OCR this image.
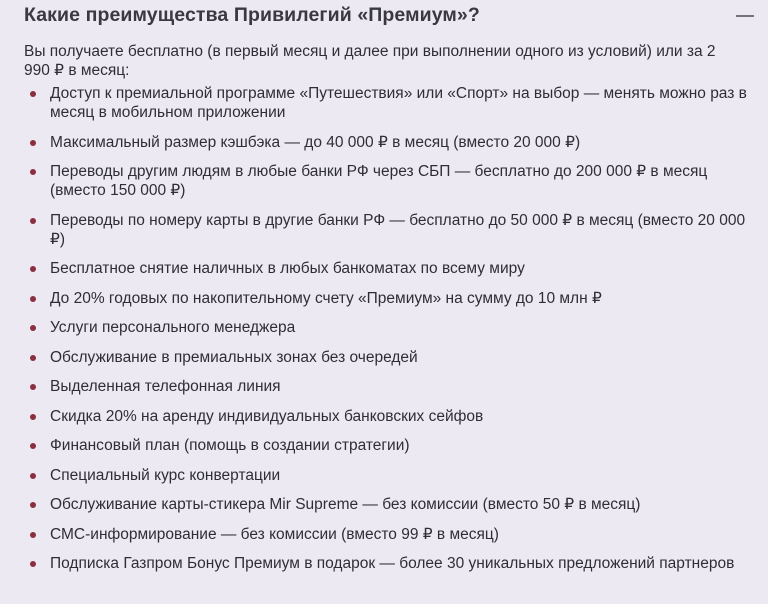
Какие преимущества Привилегий «Премиум»?
Вы получаете бесплатно (в первый месяц и далее при выполнении одного из условий) или за 2 990 ₽ в месяц:
Доступ к премиальной программе «Путешествия» или «Спорт» на выбор — менять можно раз в месяц в мобильном приложении
Максимальный размер кэшбэка — до 40 000 ₽ в месяц (вместо 20 000 ₽)
Переводы другим людям в любые банки РФ через СБП — бесплатно до 200 000 ₽ в месяц (вместо 150 000 ₽)
Переводы по номеру карты в другие банки РФ — бесплатно до 50 000 ₽ в месяц (вместо 20 000 ₽)
Бесплатное снятие наличных в любых банкоматах по всему миру
До 20% годовых по накопительному счету «Премиум» на сумму до 10 млн ₽
Услуги персонального менеджера
Обслуживание в премиальных зонах без очередей
Выделенная телефонная линия
Скидка 20% на аренду индивидуальных банковских сейфов
Финансовый план (помощь в создании стратегии)
Специальный курс конвертации
Обслуживание карты-стикера Mir Supreme — без комиссии (вместо 50 ₽ в месяц)
СМС-информирование — без комиссии (вместо 99 ₽ в месяц)
Подписка Газпром Бонус Премиум в подарок — более 30 уникальных предложений партнеров
